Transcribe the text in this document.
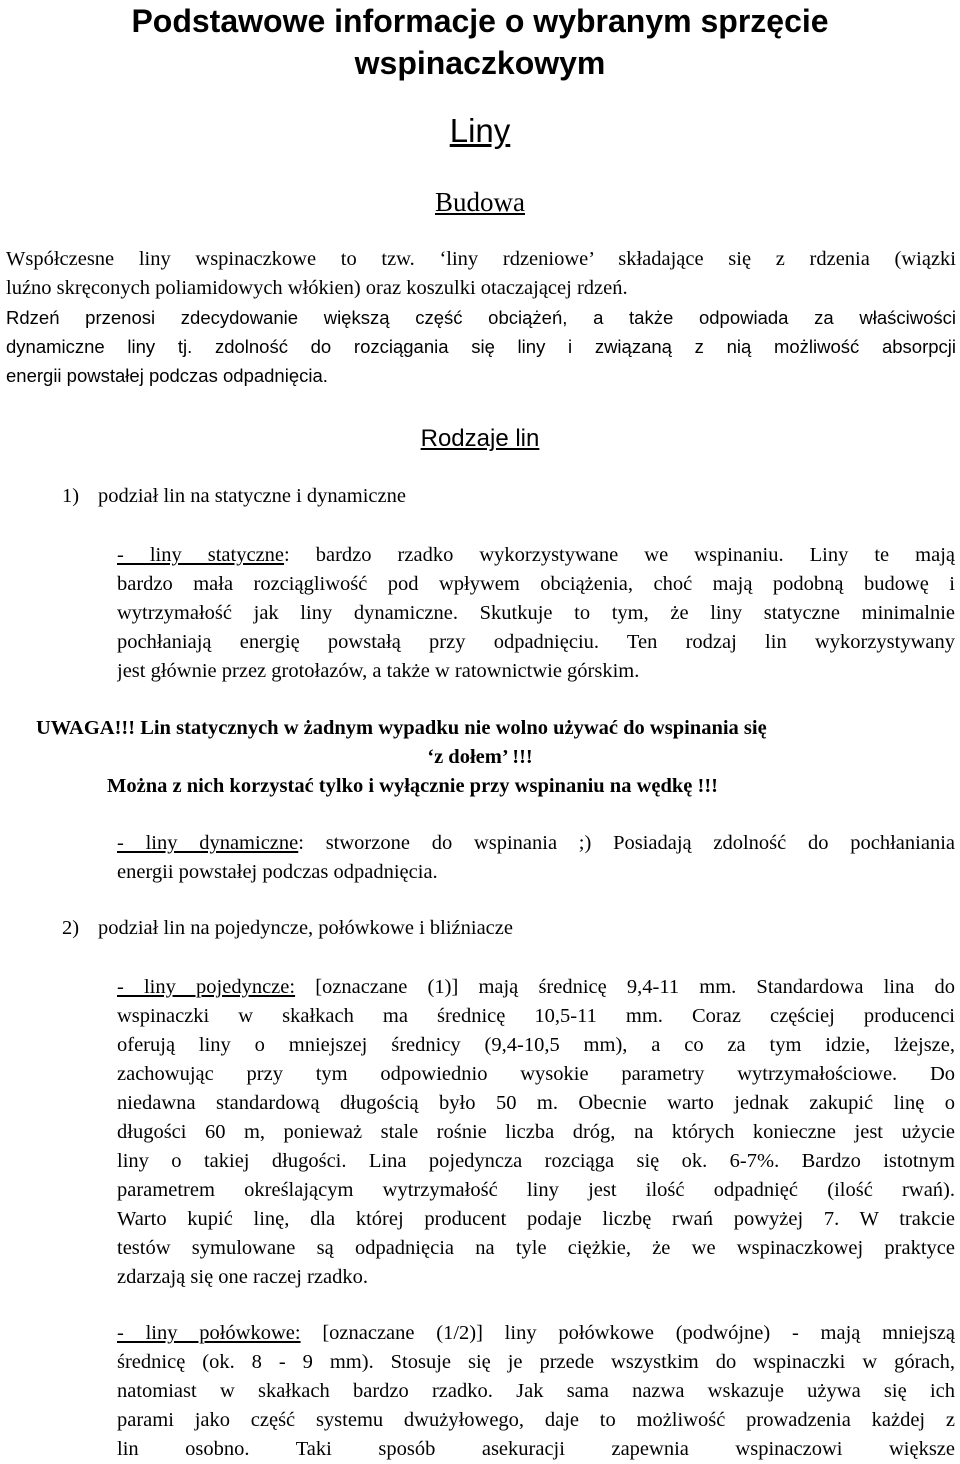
Podstawowe informacje o wybranym sprzęcie
wspinaczkowym
Liny
Budowa
Współczesne liny wspinaczkowe to tzw. ‘liny rdzeniowe’ składające się z rdzenia (wiązki
luźno skręconych poliamidowych włókien) oraz koszulki otaczającej rdzeń.
Rdzeń przenosi zdecydowanie większą część obciążeń, a także odpowiada za właściwości
dynamiczne liny tj. zdolność do rozciągania się liny i związaną z nią możliwość absorpcji
energii powstałej podczas odpadnięcia.
Rodzaje lin
1) podział lin na statyczne i dynamiczne
- liny statyczne: bardzo rzadko wykorzystywane we wspinaniu. Liny te mają
bardzo mała rozciągliwość pod wpływem obciążenia, choć mają podobną budowę i
wytrzymałość jak liny dynamiczne. Skutkuje to tym, że liny statyczne minimalnie
pochłaniają energię powstałą przy odpadnięciu. Ten rodzaj lin wykorzystywany
jest głównie przez grotołazów, a także w ratownictwie górskim.
UWAGA!!! Lin statycznych w żadnym wypadku nie wolno używać do wspinania się
‘z dołem’ !!!
Można z nich korzystać tylko i wyłącznie przy wspinaniu na wędkę !!!
- liny dynamiczne: stworzone do wspinania ;) Posiadają zdolność do pochłaniania
energii powstałej podczas odpadnięcia.
2) podział lin na pojedyncze, połówkowe i bliźniacze
- liny pojedyncze: [oznaczane (1)] mają średnicę 9,4-11 mm. Standardowa lina do
wspinaczki w skałkach ma średnicę 10,5-11 mm. Coraz częściej producenci
oferują liny o mniejszej średnicy (9,4-10,5 mm), a co za tym idzie, lżejsze,
zachowując przy tym odpowiednio wysokie parametry wytrzymałościowe. Do
niedawna standardową długością było 50 m. Obecnie warto jednak zakupić linę o
długości 60 m, ponieważ stale rośnie liczba dróg, na których konieczne jest użycie
liny o takiej długości. Lina pojedyncza rozciąga się ok. 6-7%. Bardzo istotnym
parametrem określającym wytrzymałość liny jest ilość odpadnięć (ilość rwań).
Warto kupić linę, dla której producent podaje liczbę rwań powyżej 7. W trakcie
testów symulowane są odpadnięcia na tyle ciężkie, że we wspinaczkowej praktyce
zdarzają się one raczej rzadko.
- liny połówkowe: [oznaczane (1/2)] liny połówkowe (podwójne) - mają mniejszą
średnicę (ok. 8 - 9 mm). Stosuje się je przede wszystkim do wspinaczki w górach,
natomiast w skałkach bardzo rzadko. Jak sama nazwa wskazuje używa się ich
parami jako część systemu dwużyłowego, daje to możliwość prowadzenia każdej z
lin osobno. Taki sposób asekuracji zapewnia wspinaczowi większe
